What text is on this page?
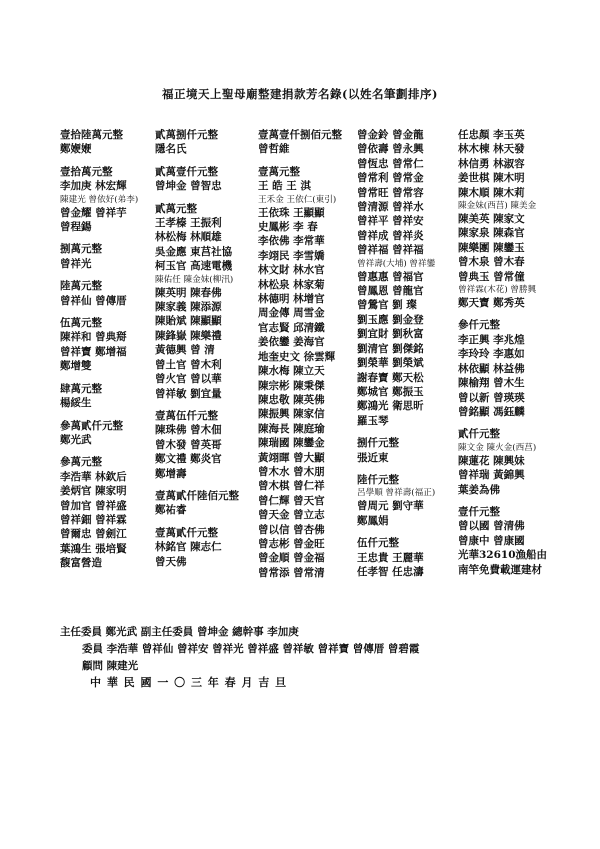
福正境天上聖母廟整建捐款芳名錄(以姓名筆劃排序)
壹拾陸萬元整
鄭㛹㛹
壹拾萬元整
李加庚 林宏輝
陳建光 曾依好(弟李)
曾金耀 曾祥芋
曾程鍚
捌萬元整
曾祥光
陸萬元整
曾祥仙 曾傳厝
伍萬元整
陳祥和 曾典搿
曾祥寶 鄭增福
鄭增雙
肆萬元整
楊綏生
參萬貳仟元整
鄭光武
參萬元整
李浩華 林欽后
姜炳官 陳家明
曾加官 曾祥盛
曾祥鈿 曾祥霖
曾爾忠 曾劍江
葉鴻生 張培賢
馥富營造
貳萬捌仟元整
隱名氏
貳萬壹仟元整
曾坤金 曾智忠
貳萬元整
王孝榛 王振利
林松梅 林順雄
吳金應 東莒社協
柯玉官 高速電機
陳佑任 陳金妹(柳汛)
陳英明 陳春佛
陳家義 陳添源
陳貽斌 陳顯顯
陳鋒嶽 陳樂禮
黃德興 曾 清
曾土官 曾木利
曾火官 曾以華
曾祥敏 劉宜量
壹萬伍仟元整
陳珠佛 曾木佃
曾木發 曾英哥
鄭文禮 鄭炎官
鄭增壽
壹萬貳仟陸佰元整
鄭祐睿
壹萬貳仟元整
林銘官 陳志仁
曾天佛
壹萬壹仟捌佰元整
曾哲維
壹萬元整
王 皓 王 淇
王禾金 王依仁(東引)
王依珠 王顯顯
史鳳彬 李 春
李依佛 李常華
李翊民 李雪嬌
林文財 林水官
林松泉 林家菊
林德明 林增官
周金傳 周雪金
官志賢 邱清鐵
姜依鑾 姜海官
地奎史文 徐雲輝
陳水梅 陳立天
陳宗彬 陳秉傑
陳忠敬 陳英佛
陳振興 陳家信
陳海長 陳庭瑜
陳瑞國 陳鑾金
黃翊暉 曾大顯
曾木水 曾木朋
曾木棋 曾仁祥
曾仁輝 曾天官
曾天金 曾立志
曾以信 曾杏佛
曾志彬 曾金旺
曾金順 曾金福
曾常添 曾常清
曾金鈴 曾金龍
曾依壽 曾永興
曾恆忠 曾常仁
曾常利 曾常金
曾常旺 曾常容
曾清源 曾祥水
曾祥平 曾祥安
曾祥成 曾祥炎
曾祥福 曾祥福
曾祥壽(大埔) 曾祥鑾
曾惠惠 曾福官
曾鳳恩 曾龍官
曾鶯官 劉 璨
劉玉應 劉金登
劉宜財 劉秋富
劉清官 劉傑銘
劉榮華 劉榮斌
謝春寶 鄭天松
鄭城官 鄭振玉
鄭鴻光 衛思昕
羅玉琴
捌仟元整
張近東
陸仟元整
呂學順 曾祥壽(福正)
曾周元 劉守華
鄭鳳娟
伍仟元整
王忠貴 王麗華
任孝智 任忠濤
任忠顏 李玉英
林木棟 林天發
林信勇 林淑容
姜世棋 陳木明
陳木順 陳木莉
陳金妹(西莒) 陳美金
陳美英 陳家文
陳家泉 陳森官
陳樂團 陳鑾玉
曾木泉 曾木春
曾典玉 曾常僮
曾祥霖(木花) 曾勝興
鄭天寶 鄭秀英
參仟元整
李正興 李兆煌
李玲玲 李惠如
林依顯 林益佛
陳榆翔 曾木生
曾以新 曾瑛瑛
曾銘顯 馮鈺麟
貳仟元整
陳文金 陳火金(西莒)
陳蓮花 陳興妹
曾祥瑞 黃錦興
葉姜為佛
壹仟元整
曾以國 曾清佛
曾康中 曾康國
光華32610漁船由
南竿免費載運建材
主任委員 鄭光武 副主任委員 曾坤金 總幹事 李加庚
委員 李浩華 曾祥仙 曾祥安 曾祥光 曾祥盛 曾祥敏 曾祥寶 曾傳厝 曾碧霞
顧問 陳建光
中 華 民 國 一 〇 三 年 春 月 吉 旦
